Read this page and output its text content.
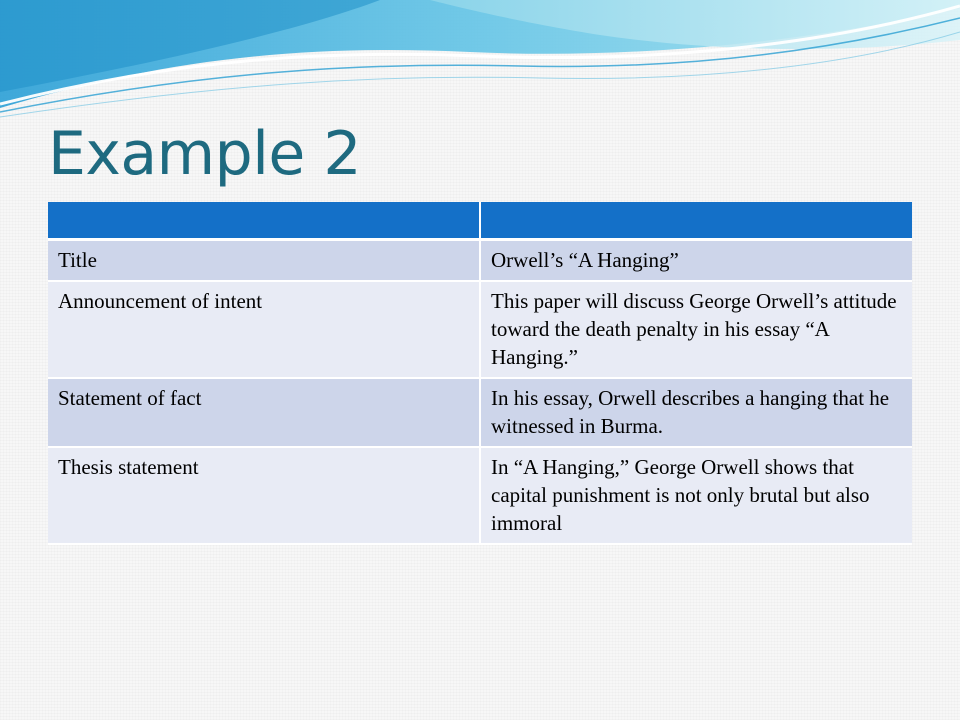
Example 2

Title	Orwell’s “A Hanging”
Announcement of intent	This paper will discuss George Orwell’s attitude toward the death penalty in his essay “A Hanging.”
Statement of fact	In his essay, Orwell describes a hanging that he witnessed in Burma.
Thesis statement	In “A Hanging,” George Orwell shows that capital punishment is not only brutal but also immoral
